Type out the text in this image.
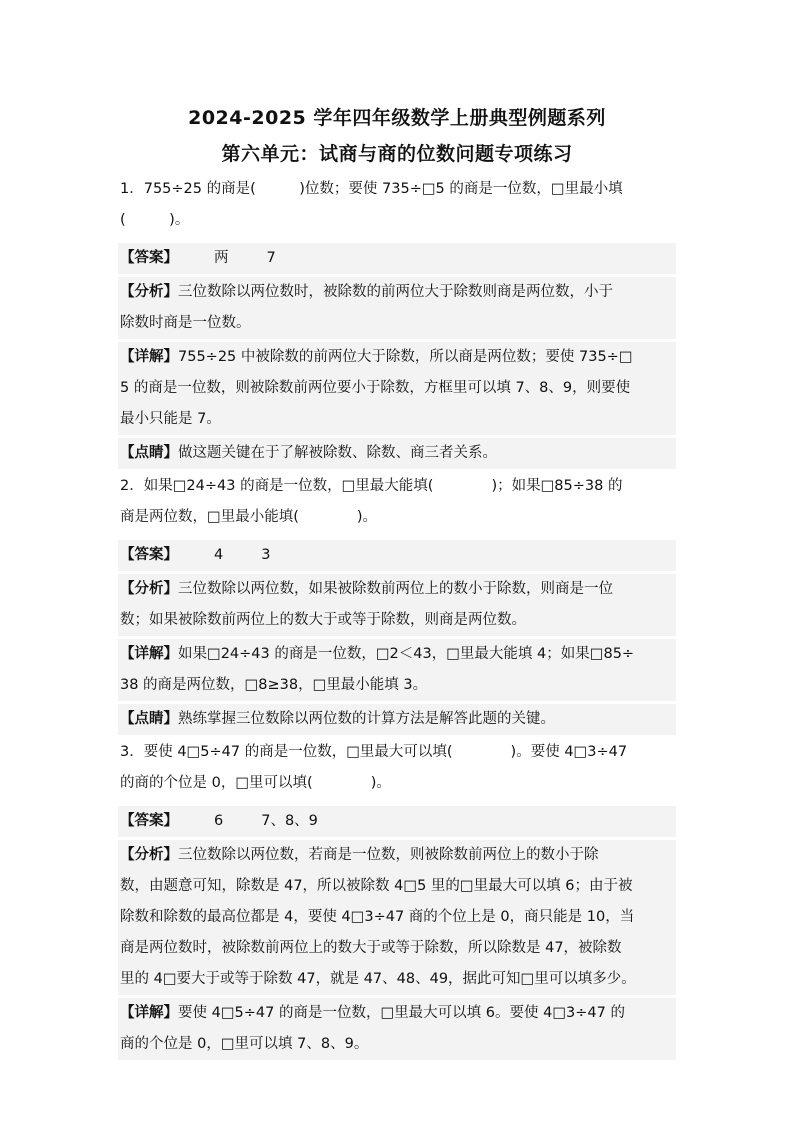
2024-2025 学年四年级数学上册典型例题系列

第六单元：试商与商的位数问题专项练习

1．755÷25 的商是(　　　)位数；要使 735÷□5 的商是一位数，□里最小填

(　　　)。

【答案】 两	7
【分析】三位数除以两位数时，被除数的前两位大于除数则商是两位数，小于
除数时商是一位数。
【详解】755÷25 中被除数的前两位大于除数，所以商是两位数；要使 735÷□
5 的商是一位数，则被除数前两位要小于除数，方框里可以填 7、8、9，则要使
最小只能是 7。
【点睛】做这题关键在于了解被除数、除数、商三者关系。

2．如果□24÷43 的商是一位数，□里最大能填(　　　　)；如果□85÷38 的

商是两位数，□里最小能填(　　　　)。

【答案】 4	3
【分析】三位数除以两位数，如果被除数前两位上的数小于除数，则商是一位
数；如果被除数前两位上的数大于或等于除数，则商是两位数。
【详解】如果□24÷43 的商是一位数，□2＜43，□里最大能填 4；如果□85÷
38 的商是两位数，□8≥38，□里最小能填 3。
【点睛】熟练掌握三位数除以两位数的计算方法是解答此题的关键。

3．要使 4□5÷47 的商是一位数，□里最大可以填(　　　　)。要使 4□3÷47

的商的个位是 0，□里可以填(　　　　)。

【答案】 6	7、8、9
【分析】三位数除以两位数，若商是一位数，则被除数前两位上的数小于除
数，由题意可知，除数是 47，所以被除数 4□5 里的□里最大可以填 6；由于被
除数和除数的最高位都是 4，要使 4□3÷47 商的个位上是 0，商只能是 10，当
商是两位数时，被除数前两位上的数大于或等于除数，所以除数是 47，被除数
里的 4□要大于或等于除数 47，就是 47、48、49，据此可知□里可以填多少。
【详解】要使 4□5÷47 的商是一位数，□里最大可以填 6。要使 4□3÷47 的
商的个位是 0，□里可以填 7、8、9。
